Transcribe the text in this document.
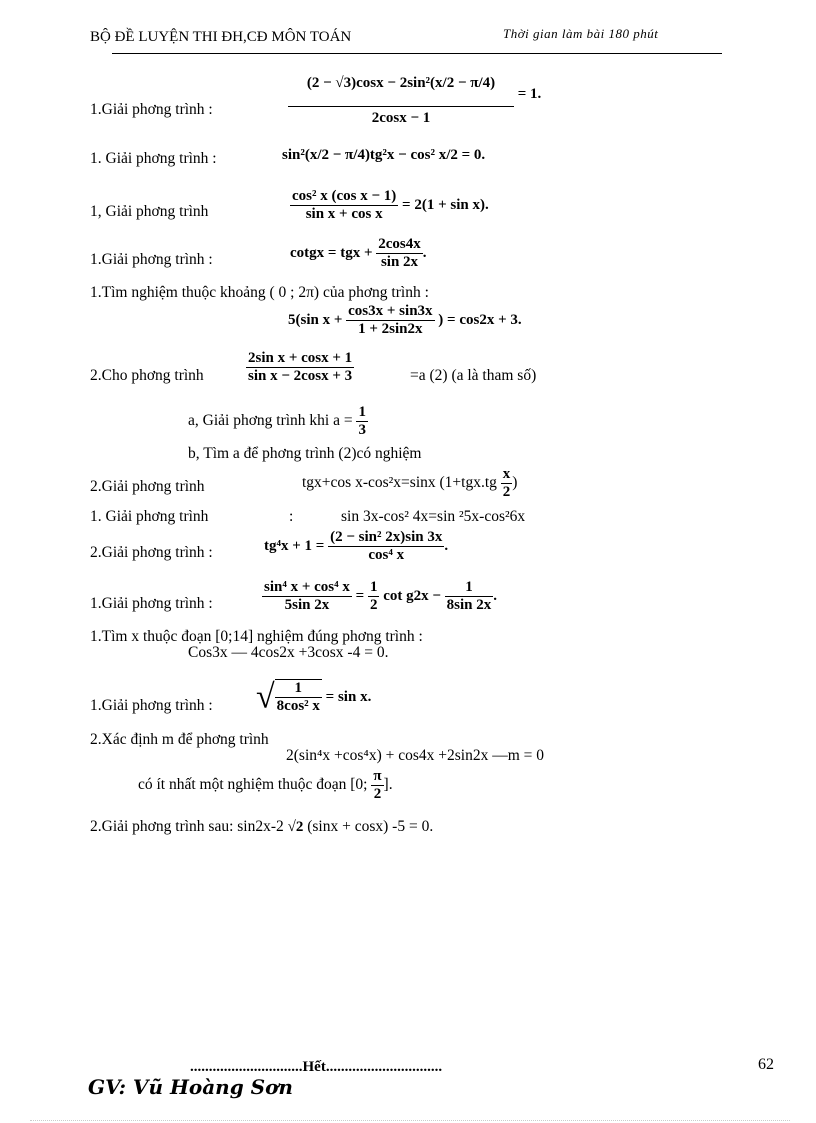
BỘ ĐỀ LUYỆN THI ĐH,CĐ MÔN TOÁN	Thời gian làm bài 180 phút
1.Giải phơng trình :	$\frac{\text{(2 − √3)cosx − 2sin²(x/2 − π/4)}}{2\cos x - 1} = 1$.
1. Giải phơng trình :	sin²(x/2 − π/4)tg²x − cos² x/2 = 0.
1, Giải phơng trình	$\frac{\text{cos² x (cos x − 1)}}{\text{sin x + cos x}} = 2(1 + \sin x)$.
1.Giải phơng trình :	cotgx = tgx + $\frac{2\cos 4x}{\sin 2x}$ .
1.Tìm nghiệm thuộc khoảng ( 0 ; 2π) của phơng trình :
5(sin $x + \frac{\cos 3x + \sin 3x}{1 + 2\sin 2x}$ ) = cos2x + 3.
2.Cho phơng trình	$\frac{\text{2sin x + cosx + 1}}{\text{sin x − 2cosx + 3}}$	=a (2) (a là tham số)
a, Giải phơng trình khi $a = \frac{1}{3}$
b, Tìm a để phơng trình (2)có nghiệm
2.Giải phơng trình	tgx+cos x-cos²x=sinx ($1+tgx.tg \frac{x}{2}$ )
1. Giải phơng trình	:	sin 3x-cos² 4x=sin ²5x-cos²6x
2.Giải phơng trình :	$tg^4x + 1 = \frac{\text{(2 − sin² 2x)sin 3x}}{\text{cos⁴ x}}$ .
1.Giải phơng trình :	$\frac{\text{sin⁴ x + cos⁴ x}}{5\sin 2x} = \frac{1}{2}$ $\cot g2x - \frac{1}{8\sin 2x}$ .
1.Tìm x thuộc đoạn [0;14] nghiệm đúng phơng trình :
Cos3x — 4cos2x +3cosx -4 = 0.
1.Giải phơng trình : √ $\frac{1}{\text{8cos² x}} = \sin x$.
2.Xác định m để phơng trình
2(sin⁴x +cos⁴x) + cos4x +2sin2x —m = 0
có ít nhất một nghiệm thuộc đoạn [0; $\frac{\pi}{2}$ ].
2.Giải phơng trình sau: sin2x-2 √2 (sinx + cosx) -5 = 0.
..............................Hết...............................	62
GV: Vũ Hoàng Sơn
